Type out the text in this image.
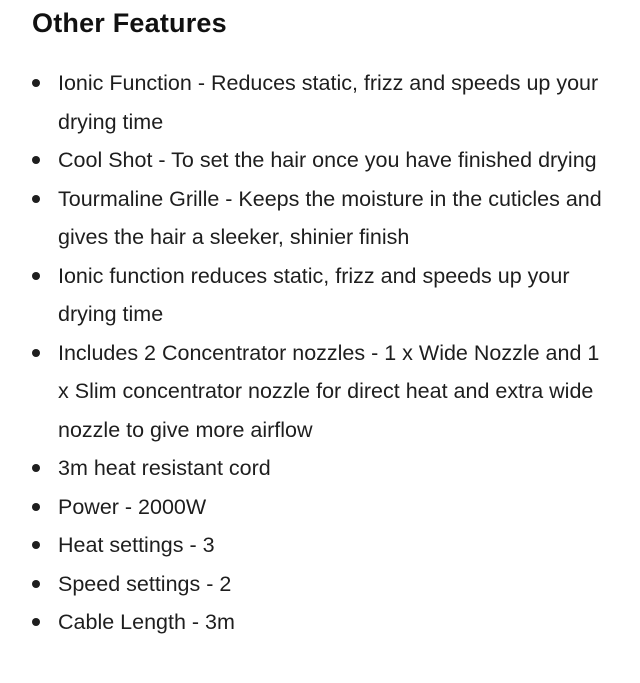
Other Features
Ionic Function - Reduces static, frizz and speeds up your drying time
Cool Shot - To set the hair once you have finished drying
Tourmaline Grille - Keeps the moisture in the cuticles and gives the hair a sleeker, shinier finish
Ionic function reduces static, frizz and speeds up your drying time
Includes 2 Concentrator nozzles - 1 x Wide Nozzle and 1 x Slim concentrator nozzle for direct heat and extra wide nozzle to give more airflow
3m heat resistant cord
Power - 2000W
Heat settings - 3
Speed settings - 2
Cable Length - 3m
